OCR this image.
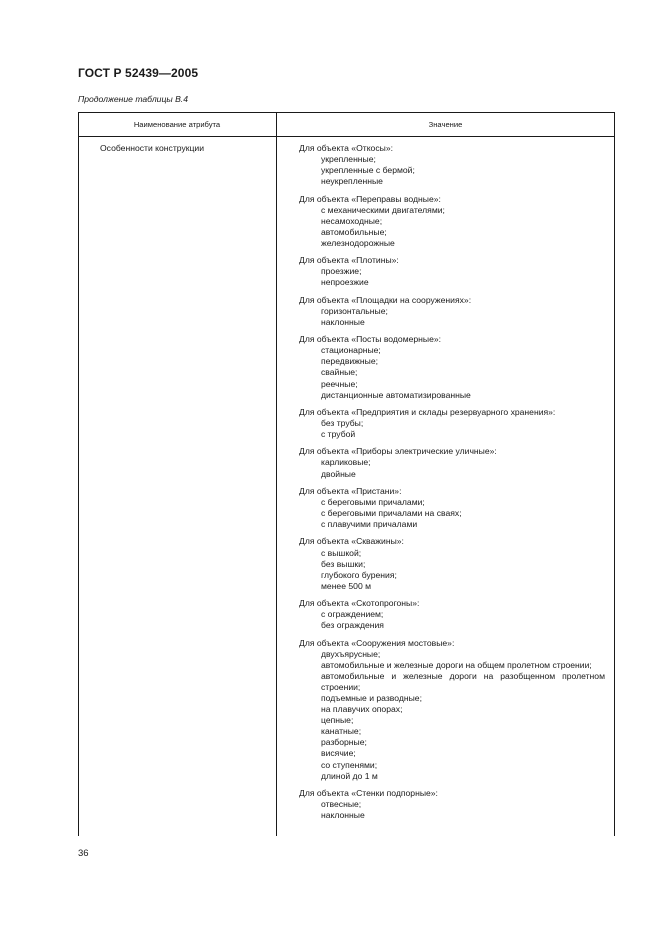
ГОСТ Р 52439—2005
Продолжение таблицы В.4
Наименование атрибута	Значение
Особенности конструкции	Для объекта «Откосы»:
укрепленные;
укрепленные с бермой;
неукрепленные
Для объекта «Переправы водные»:
с механическими двигателями;
несамоходные;
автомобильные;
железнодорожные
Для объекта «Плотины»:
проезжие;
непроезжие
Для объекта «Площадки на сооружениях»:
горизонтальные;
наклонные
Для объекта «Посты водомерные»:
стационарные;
передвижные;
свайные;
реечные;
дистанционные автоматизированные
Для объекта «Предприятия и склады резервуарного хранения»:
без трубы;
с трубой
Для объекта «Приборы электрические уличные»:
карликовые;
двойные
Для объекта «Пристани»:
с береговыми причалами;
с береговыми причалами на сваях;
с плавучими причалами
Для объекта «Скважины»:
с вышкой;
без вышки;
глубокого бурения;
менее 500 м
Для объекта «Скотопрогоны»:
с ограждением;
без ограждения
Для объекта «Сооружения мостовые»:
двухъярусные;
автомобильные и железные дороги на общем пролетном строении;
автомобильные и железные дороги на разобщенном пролетном строении;
подъемные и разводные;
на плавучих опорах;
цепные;
канатные;
разборные;
висячие;
со ступенями;
длиной до 1 м
Для объекта «Стенки подпорные»:
отвесные;
наклонные
36
